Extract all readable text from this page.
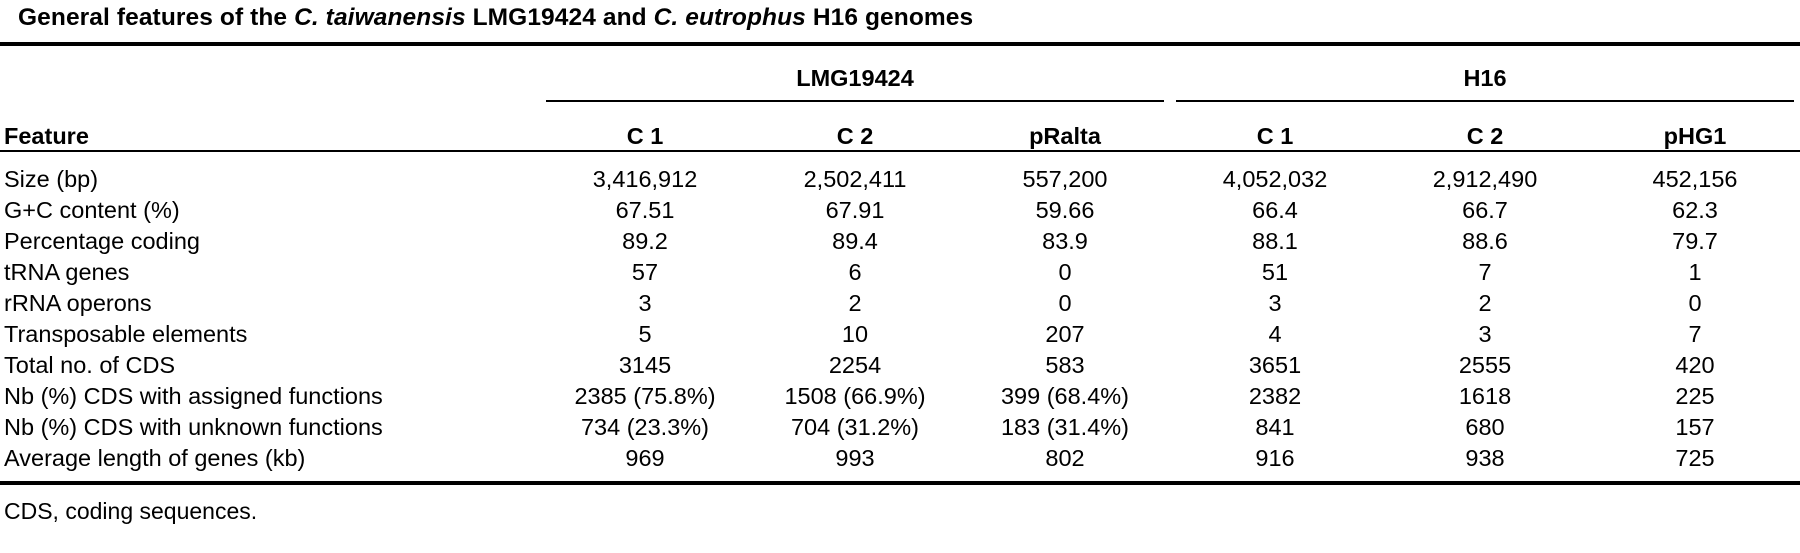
General features of the C. taiwanensis LMG19424 and C. eutrophus H16 genomes
	LMG19424			H16		

Feature	C 1	C 2	pRalta	C 1	C 2	pHG1
Size (bp)	3,416,912	2,502,411	557,200	4,052,032	2,912,490	452,156
G+C content (%)	67.51	67.91	59.66	66.4	66.7	62.3
Percentage coding	89.2	89.4	83.9	88.1	88.6	79.7
tRNA genes	57	6	0	51	7	1
rRNA operons	3	2	0	3	2	0
Transposable elements	5	10	207	4	3	7
Total no. of CDS	3145	2254	583	3651	2555	420
Nb (%) CDS with assigned functions	2385 (75.8%)	1508 (66.9%)	399 (68.4%)	2382	1618	225
Nb (%) CDS with unknown functions	734 (23.3%)	704 (31.2%)	183 (31.4%)	841	680	157
Average length of genes (kb)	969	993	802	916	938	725
CDS, coding sequences.
